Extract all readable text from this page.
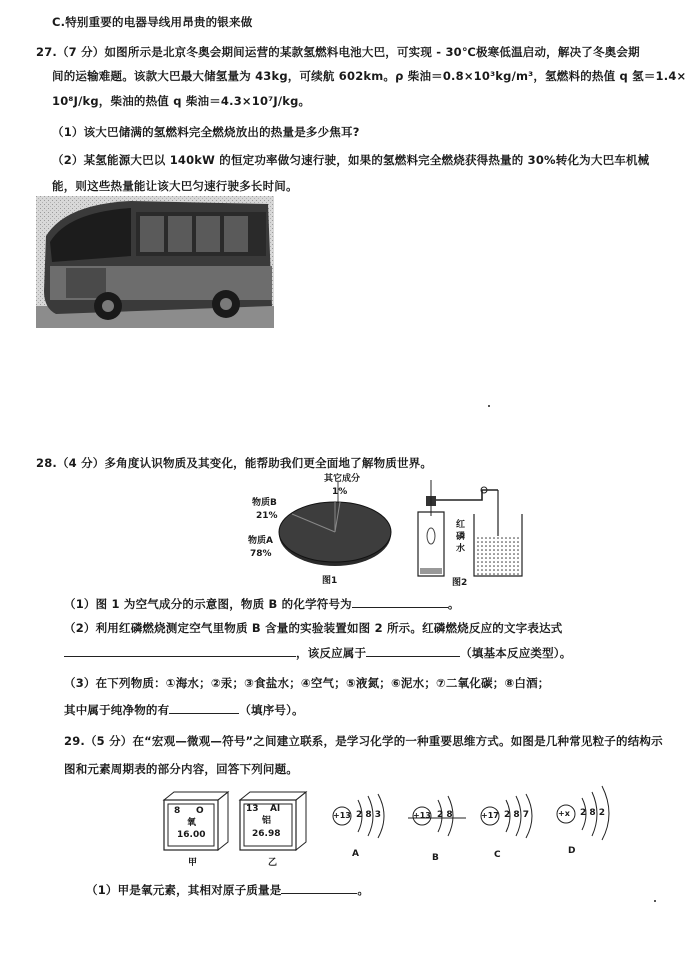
C.特别重要的电器导线用昂贵的银来做
27.（7 分）如图所示是北京冬奥会期间运营的某款氢燃料电池大巴，可实现 - 30℃极寒低温启动，解决了冬奥会期
间的运输难题。该款大巴最大储氢量为 43kg，可续航 602km。ρ 柴油＝0.8×10³kg/m³，氢燃料的热值 q 氢＝1.4×
10⁸J/kg，柴油的热值 q 柴油＝4.3×10⁷J/kg。
（1）该大巴储满的氢燃料完全燃烧放出的热量是多少焦耳?
（2）某氢能源大巴以 140kW 的恒定功率做匀速行驶，如果的氢燃料完全燃烧获得热量的 30%转化为大巴车机械
能，则这些热量能让该大巴匀速行驶多长时间。
28.（4 分）多角度认识物质及其变化，能帮助我们更全面地了解物质世界。
其它成分
1%
物质B
21%
物质A
78%
图1
红
磷
水
图2
（1）图 1 为空气成分的示意图，物质 B 的化学符号为	。
（2）利用红磷燃烧测定空气里物质 B 含量的实验装置如图 2 所示。红磷燃烧反应的文字表达式
，该反应属于	（填基本反应类型）。
（3）在下列物质：①海水；②汞；③食盐水；④空气；⑤液氮；⑥泥水；⑦二氧化碳；⑧白酒；
其中属于纯净物的有	（填序号）。
29.（5 分）在“宏观—微观—符号”之间建立联系，是学习化学的一种重要思维方式。如图是几种常见粒子的结构示
图和元素周期表的部分内容，回答下列问题。
8 O
氧
16.00
甲
13 Al
铝
26.98
乙
+13 2 8 3
A
+13 2 8
B
+17 2 8 7
C
+x 2 8 2
D
（1）甲是氧元素，其相对原子质量是	。
